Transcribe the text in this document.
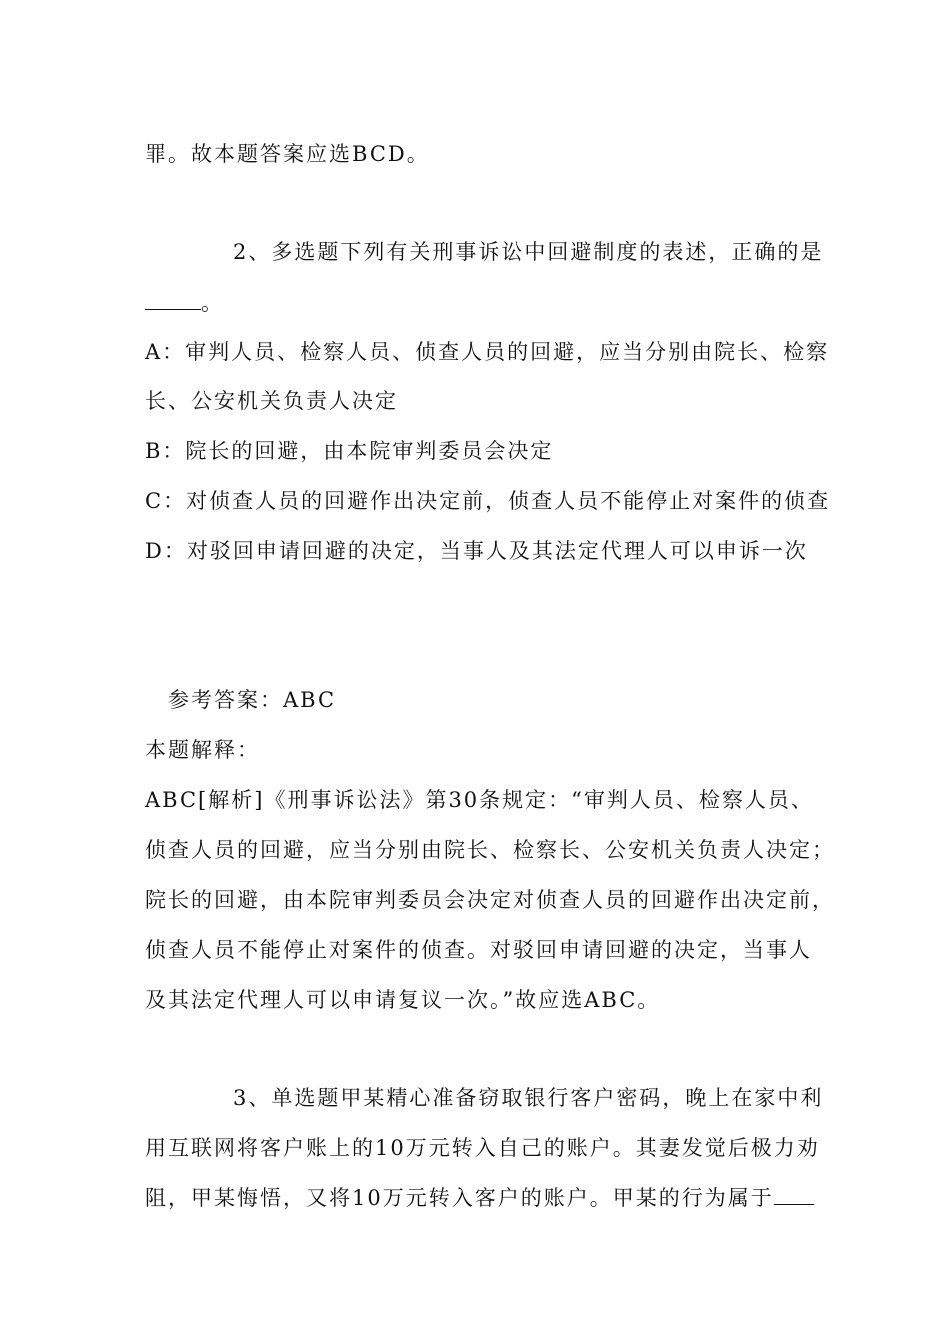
罪。故本题答案应选BCD。
2、多选题下列有关刑事诉讼中回避制度的表述，正确的是
。
A：审判人员、检察人员、侦查人员的回避，应当分别由院长、检察
长、公安机关负责人决定
B：院长的回避，由本院审判委员会决定
C：对侦查人员的回避作出决定前，侦查人员不能停止对案件的侦查
D：对驳回申请回避的决定，当事人及其法定代理人可以申诉一次
参考答案：ABC
本题解释：
ABC[解析]《刑事诉讼法》第30条规定：“审判人员、检察人员、
侦查人员的回避，应当分别由院长、检察长、公安机关负责人决定；
院长的回避，由本院审判委员会决定对侦查人员的回避作出决定前，
侦查人员不能停止对案件的侦查。对驳回申请回避的决定，当事人
及其法定代理人可以申请复议一次。”故应选ABC。
3、单选题甲某精心准备窃取银行客户密码，晚上在家中利
用互联网将客户账上的10万元转入自己的账户。其妻发觉后极力劝
阻，甲某悔悟，又将10万元转入客户的账户。甲某的行为属于
